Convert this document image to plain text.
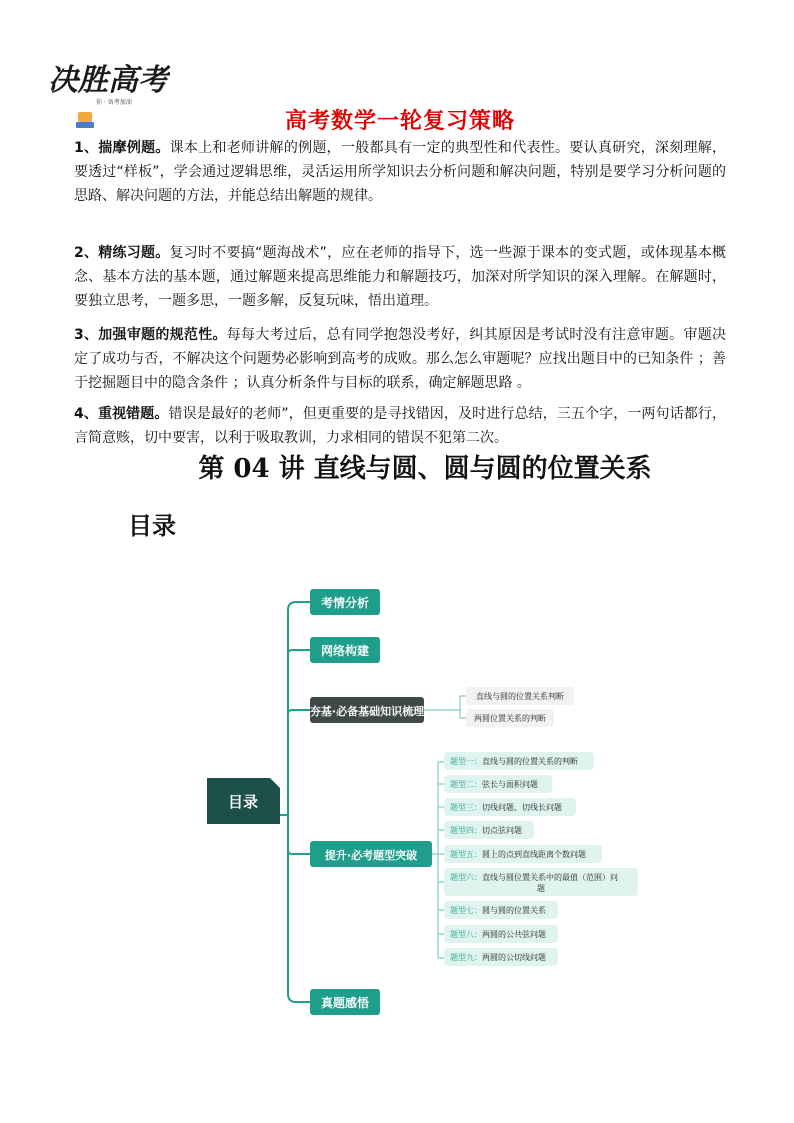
决胜高考
你 · 备考加油
高考数学一轮复习策略
1、揣摩例题。课本上和老师讲解的例题，一般都具有一定的典型性和代表性。要认真研究，深刻理解，要透过“样板”，学会通过逻辑思维，灵活运用所学知识去分析问题和解决问题，特别是要学习分析问题的思路、解决问题的方法，并能总结出解题的规律。
2、精练习题。复习时不要搞“题海战术”，应在老师的指导下，选一些源于课本的变式题，或体现基本概念、基本方法的基本题，通过解题来提高思维能力和解题技巧，加深对所学知识的深入理解。在解题时，要独立思考，一题多思，一题多解，反复玩味，悟出道理。
3、加强审题的规范性。每每大考过后，总有同学抱怨没考好，纠其原因是考试时没有注意审题。审题决定了成功与否，不解决这个问题势必影响到高考的成败。那么怎么审题呢？应找出题目中的已知条件 ；善于挖掘题目中的隐含条件 ；认真分析条件与目标的联系，确定解题思路 。
4、重视错题。错误是最好的老师”，但更重要的是寻找错因，及时进行总结，三五个字，一两句话都行，言简意赅，切中要害，以利于吸取教训，力求相同的错误不犯第二次。
第 04 讲 直线与圆、圆与圆的位置关系
目录
目录
考情分析
网络构建
夯基·必备基础知识梳理
提升·必考题型突破
真题感悟
直线与圆的位置关系判断
两圆位置关系的判断
题型一： 直线与圆的位置关系的判断
题型二： 弦长与面积问题
题型三： 切线问题、切线长问题
题型四： 切点弦问题
题型五： 圆上的点到直线距离个数问题
题型六： 直线与圆位置关系中的最值（范围）问
题
题型七： 圆与圆的位置关系
题型八： 两圆的公共弦问题
题型九： 两圆的公切线问题
